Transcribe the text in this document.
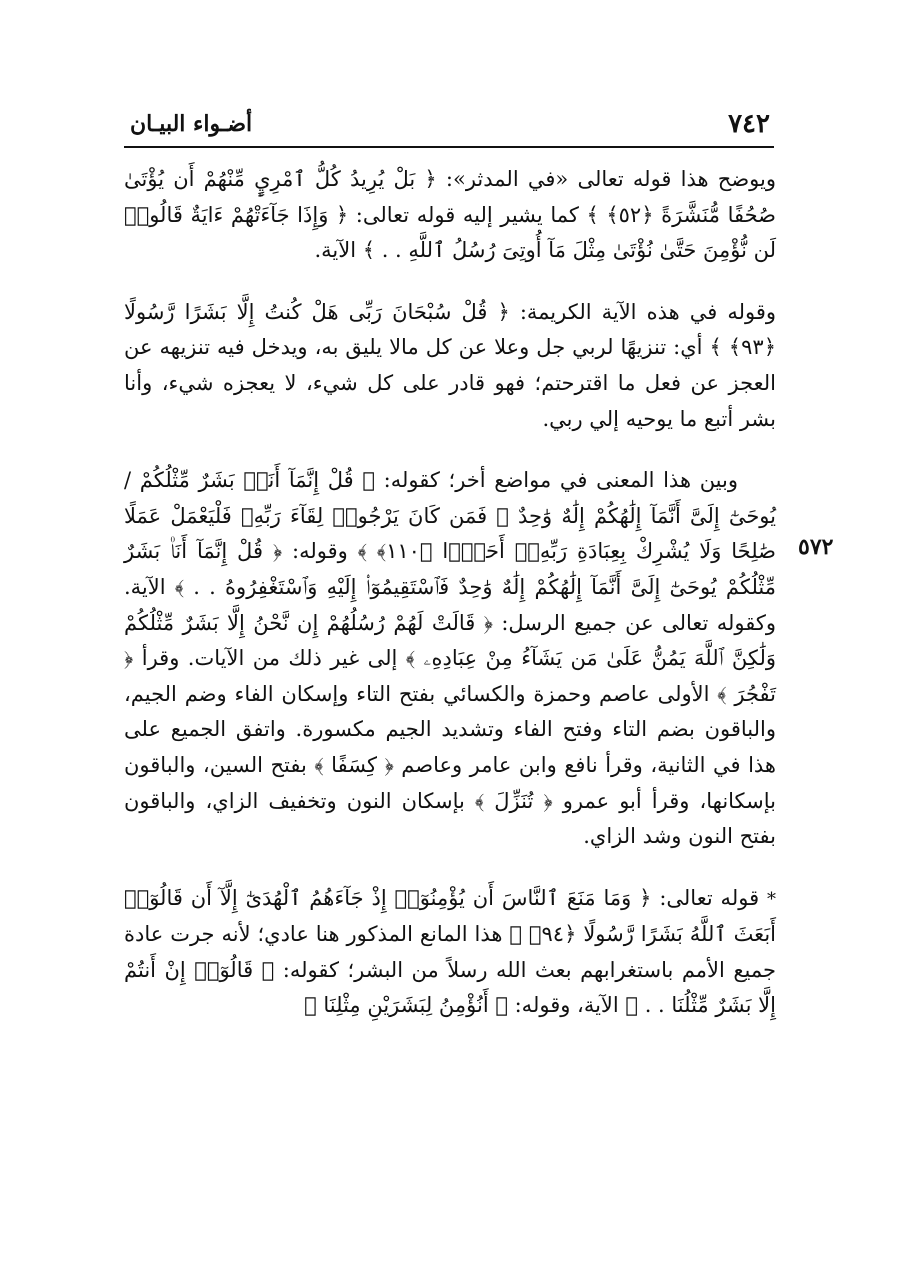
٧٤٢
أضـواء البيـان
٥٧٢

ويوضح هذا قوله تعالى «في المدثر»: ﴿ بَلْ يُرِيدُ كُلُّ ٱمْرِيٍٕ مِّنْهُمْ أَن يُؤْتَىٰ صُحُفًا مُّنَشَّرَةً ﴿٥٢﴾ ﴾ كما يشير إليه قوله تعالى: ﴿ وَإِذَا جَآءَتْهُمْ ءَايَةٌ قَالُوا۟ لَن نُّؤْمِنَ حَتَّىٰ نُؤْتَىٰ مِثْلَ مَآ أُوتِىَ رُسُلُ ٱللَّهِ . . ﴾ الآية.

وقوله في هذه الآية الكريمة: ﴿ قُلْ سُبْحَانَ رَبِّى هَلْ كُنتُ إِلَّا بَشَرًا رَّسُولًا ﴿٩٣﴾ ﴾ أي: تنزيهًا لربي جل وعلا عن كل مالا يليق به، ويدخل فيه تنزيهه عن العجز عن فعل ما اقترحتم؛ فهو قادر على كل شيء، لا يعجزه شيء، وأنا بشر أتبع ما يوحيه إلي ربي.

وبين هذا المعنى في مواضع أخر؛ كقوله: ﴿ قُلْ إِنَّمَآ أَنَا۠ بَشَرٌ مِّثْلُكُمْ / يُوحَىٰٓ إِلَىَّ أَنَّمَآ إِلَٰهُكُمْ إِلَٰهٌ وَٰحِدٌ ۖ فَمَن كَانَ يَرْجُوا۟ لِقَآءَ رَبِّهِۦ فَلْيَعْمَلْ عَمَلًا صَٰلِحًا وَلَا يُشْرِكْ بِعِبَادَةِ رَبِّهِۦٓ أَحَدًۢا ﴿١١٠﴾ ﴾ وقوله: ﴿ قُلْ إِنَّمَآ أَنَا۠ بَشَرٌ مِّثْلُكُمْ يُوحَىٰٓ إِلَىَّ أَنَّمَآ إِلَٰهُكُمْ إِلَٰهٌ وَٰحِدٌ فَٱسْتَقِيمُوٓا۟ إِلَيْهِ وَٱسْتَغْفِرُوهُ . . ﴾ الآية. وكقوله تعالى عن جميع الرسل: ﴿ قَالَتْ لَهُمْ رُسُلُهُمْ إِن نَّحْنُ إِلَّا بَشَرٌ مِّثْلُكُمْ وَلَٰكِنَّ ٱللَّهَ يَمُنُّ عَلَىٰ مَن يَشَآءُ مِنْ عِبَادِهِۦ ﴾ إلى غير ذلك من الآيات. وقرأ ﴿ تَفْجُرَ ﴾ الأولى عاصم وحمزة والكسائي بفتح التاء وإسكان الفاء وضم الجيم، والباقون بضم التاء وفتح الفاء وتشديد الجيم مكسورة. واتفق الجميع على هذا في الثانية، وقرأ نافع وابن عامر وعاصم ﴿ كِسَفًا ﴾ بفتح السين، والباقون بإسكانها، وقرأ أبو عمرو ﴿ تُنَزِّلَ ﴾ بإسكان النون وتخفيف الزاي، والباقون بفتح النون وشد الزاي.

* قوله تعالى: ﴿ وَمَا مَنَعَ ٱلنَّاسَ أَن يُؤْمِنُوٓا۟ إِذْ جَآءَهُمُ ٱلْهُدَىٰٓ إِلَّآ أَن قَالُوٓا۟ أَبَعَثَ ٱللَّهُ بَشَرًا رَّسُولًا ﴿٩٤﴾ ﴾ هذا المانع المذكور هنا عادي؛ لأنه جرت عادة جميع الأمم باستغرابهم بعث الله رسلاً من البشر؛ كقوله: ﴿ قَالُوٓا۟ إِنْ أَنتُمْ إِلَّا بَشَرٌ مِّثْلُنَا . . ﴾ الآية، وقوله: ﴿ أَنُؤْمِنُ لِبَشَرَيْنِ مِثْلِنَا ﴾
